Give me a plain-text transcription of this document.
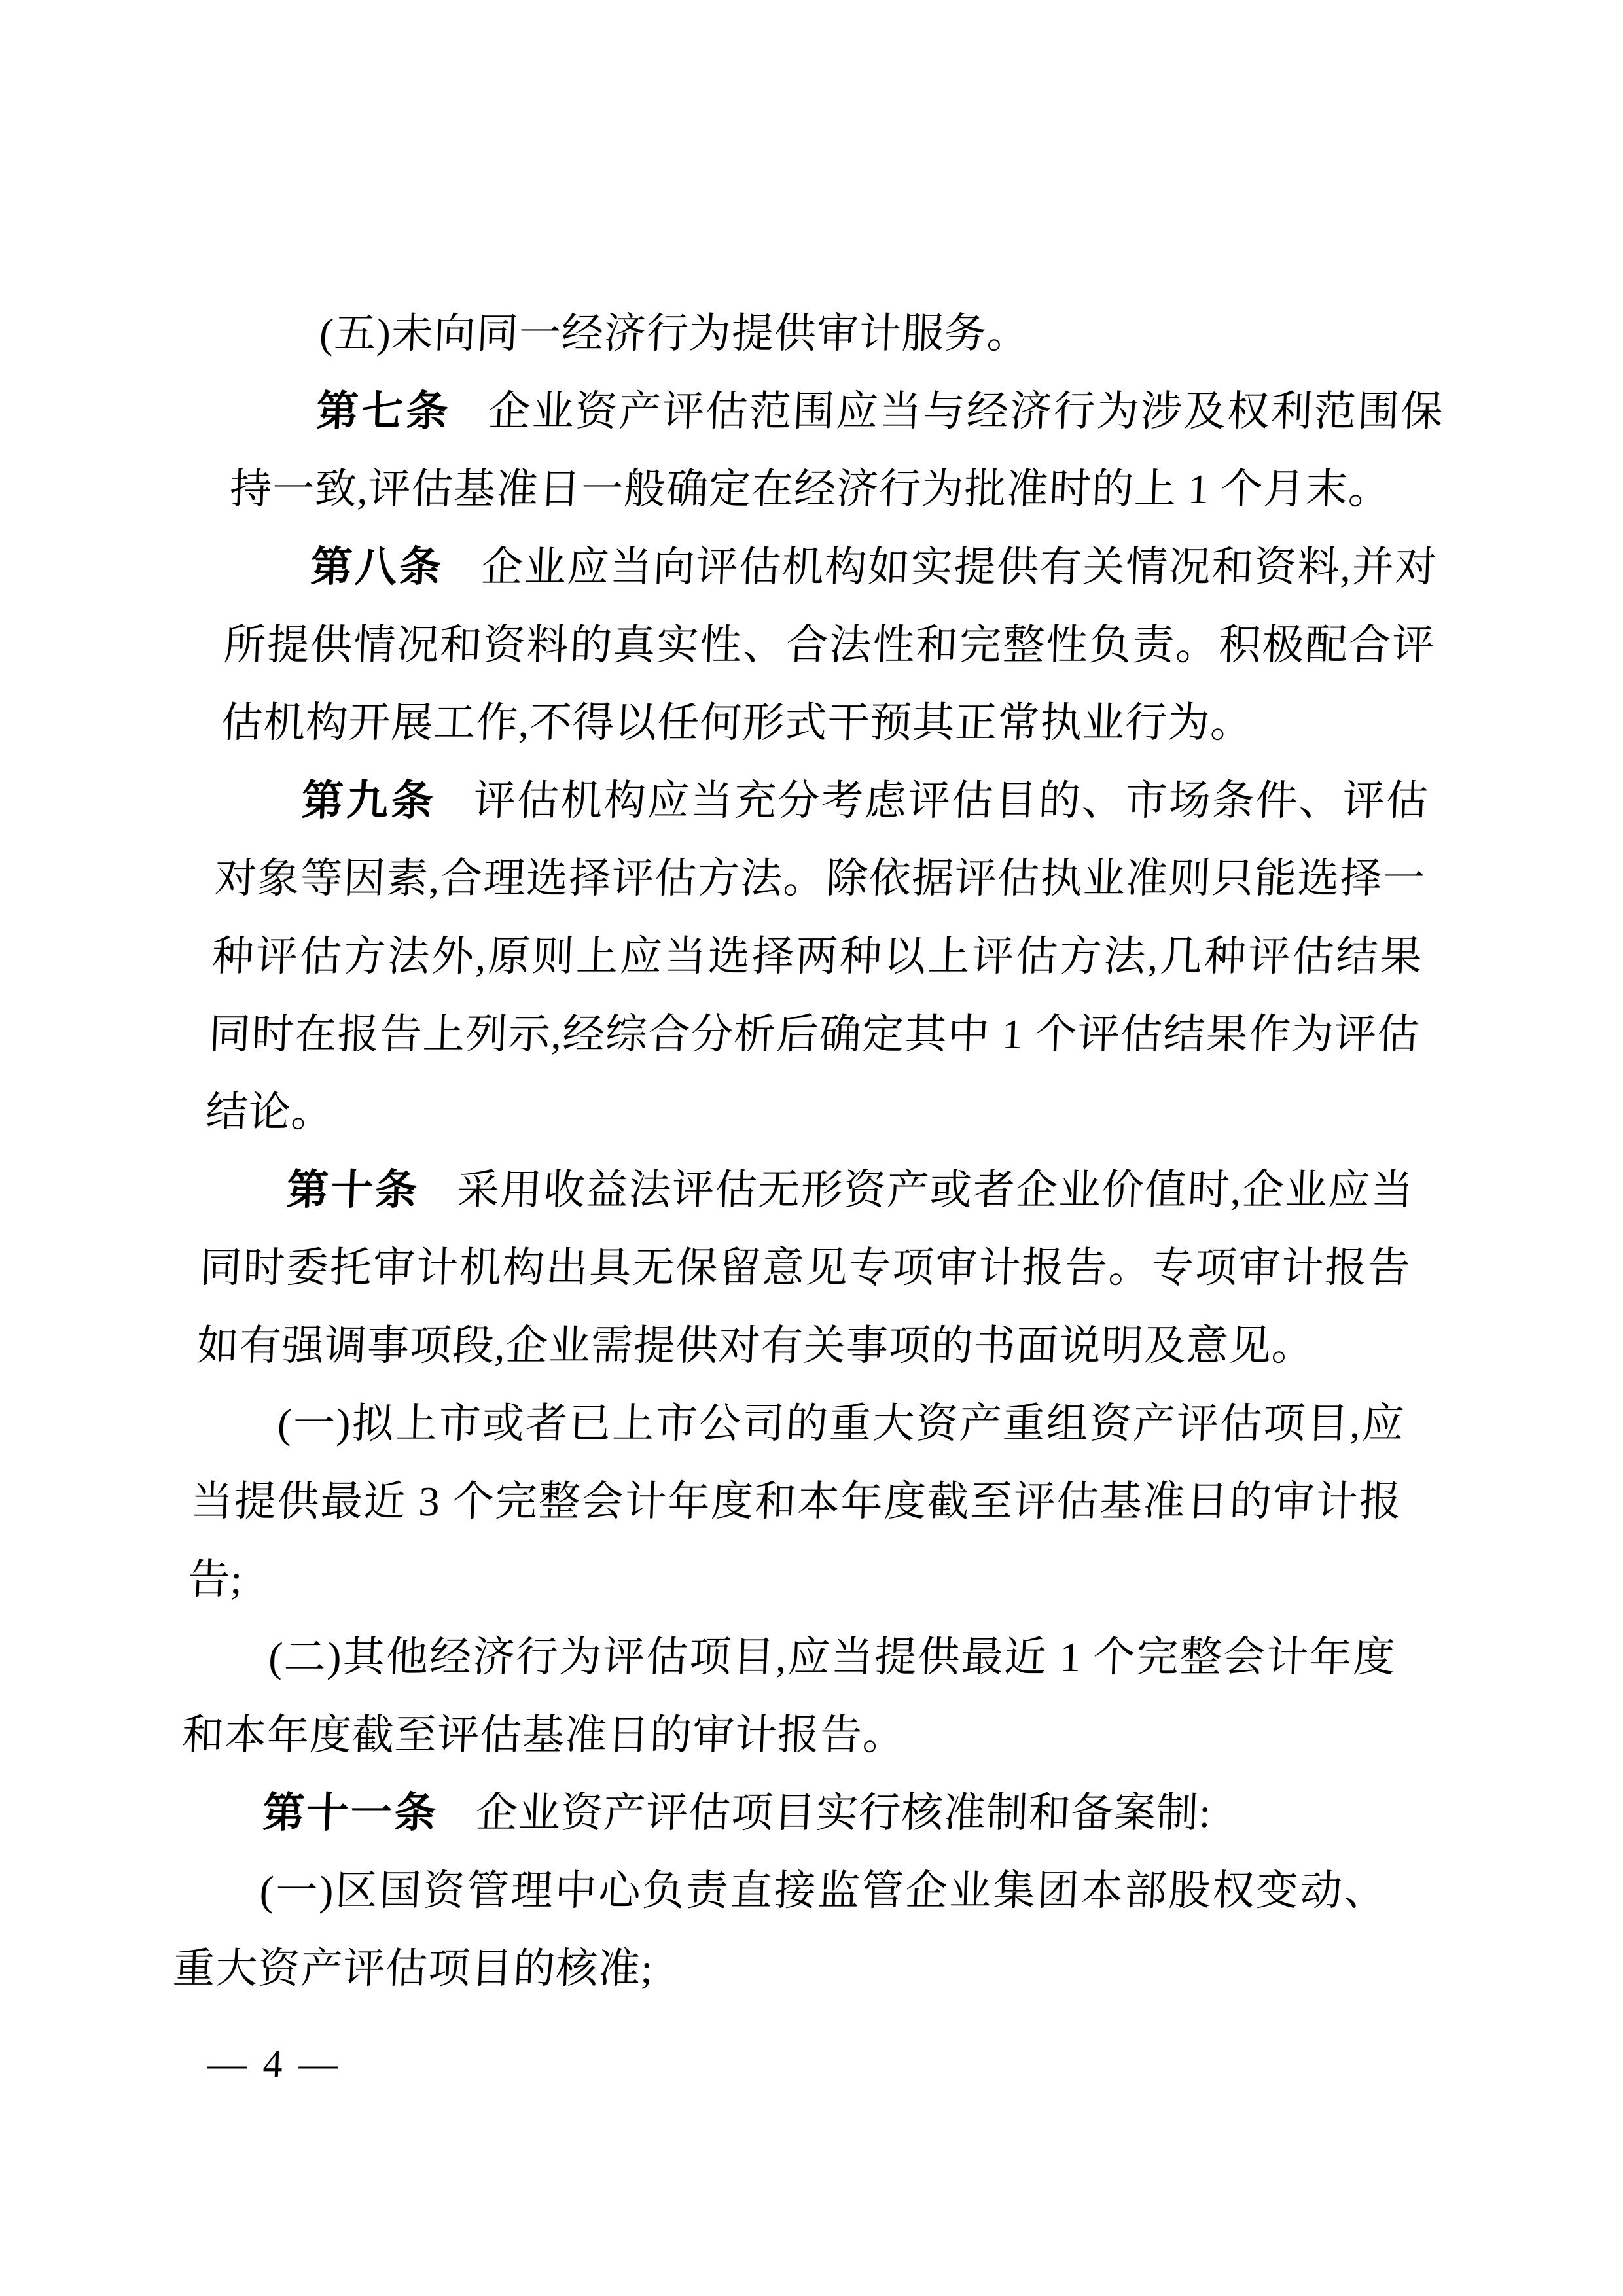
(五)未向同一经济行为提供审计服务。

第七条 企业资产评估范围应当与经济行为涉及权利范围保持一致,评估基准日一般确定在经济行为批准时的上 1 个月末。

第八条 企业应当向评估机构如实提供有关情况和资料,并对所提供情况和资料的真实性、合法性和完整性负责。积极配合评估机构开展工作,不得以任何形式干预其正常执业行为。

第九条 评估机构应当充分考虑评估目的、市场条件、评估对象等因素,合理选择评估方法。除依据评估执业准则只能选择一种评估方法外,原则上应当选择两种以上评估方法,几种评估结果同时在报告上列示,经综合分析后确定其中 1 个评估结果作为评估结论。

第十条 采用收益法评估无形资产或者企业价值时,企业应当同时委托审计机构出具无保留意见专项审计报告。专项审计报告如有强调事项段,企业需提供对有关事项的书面说明及意见。

(一)拟上市或者已上市公司的重大资产重组资产评估项目,应当提供最近 3 个完整会计年度和本年度截至评估基准日的审计报告;

(二)其他经济行为评估项目,应当提供最近 1 个完整会计年度和本年度截至评估基准日的审计报告。

第十一条 企业资产评估项目实行核准制和备案制:

(一)区国资管理中心负责直接监管企业集团本部股权变动、重大资产评估项目的核准;

— 4 —
